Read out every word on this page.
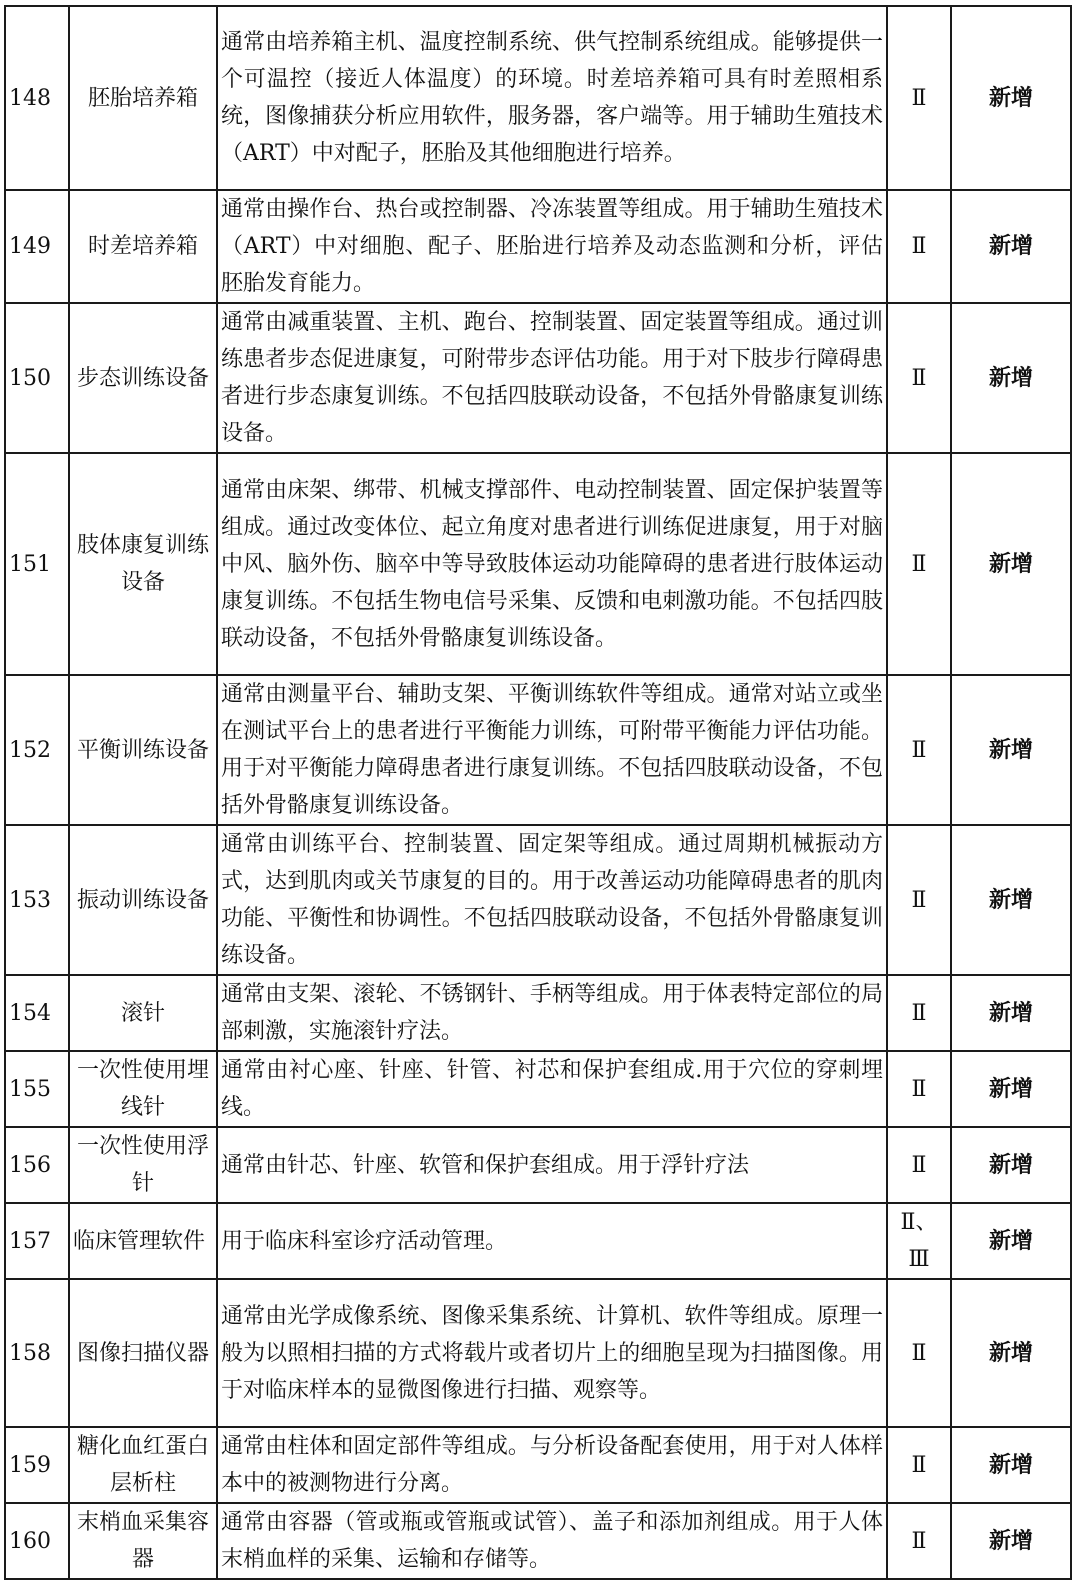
148	胚胎培养箱	通常由培养箱主机、温度控制系统、供气控制系统组成。能够提供一个可温控（接近人体温度）的环境。时差培养箱可具有时差照相系统，图像捕获分析应用软件，服务器，客户端等。用于辅助生殖技术（ART）中对配子，胚胎及其他细胞进行培养。	Ⅱ	新增
149	时差培养箱	通常由操作台、热台或控制器、冷冻装置等组成。用于辅助生殖技术（ART）中对细胞、配子、胚胎进行培养及动态监测和分析，评估胚胎发育能力。	Ⅱ	新增
150	步态训练设备	通常由减重装置、主机、跑台、控制装置、固定装置等组成。通过训练患者步态促进康复，可附带步态评估功能。用于对下肢步行障碍患者进行步态康复训练。不包括四肢联动设备，不包括外骨骼康复训练设备。	Ⅱ	新增
151	肢体康复训练设备	通常由床架、绑带、机械支撑部件、电动控制装置、固定保护装置等组成。通过改变体位、起立角度对患者进行训练促进康复，用于对脑中风、脑外伤、脑卒中等导致肢体运动功能障碍的患者进行肢体运动康复训练。不包括生物电信号采集、反馈和电刺激功能。不包括四肢联动设备，不包括外骨骼康复训练设备。	Ⅱ	新增
152	平衡训练设备	通常由测量平台、辅助支架、平衡训练软件等组成。通常对站立或坐在测试平台上的患者进行平衡能力训练，可附带平衡能力评估功能。用于对平衡能力障碍患者进行康复训练。不包括四肢联动设备，不包括外骨骼康复训练设备。	Ⅱ	新增
153	振动训练设备	通常由训练平台、控制装置、固定架等组成。通过周期机械振动方式，达到肌肉或关节康复的目的。用于改善运动功能障碍患者的肌肉功能、平衡性和协调性。不包括四肢联动设备，不包括外骨骼康复训练设备。	Ⅱ	新增
154	滚针	通常由支架、滚轮、不锈钢针、手柄等组成。用于体表特定部位的局部刺激，实施滚针疗法。	Ⅱ	新增
155	一次性使用埋线针	通常由衬心座、针座、针管、衬芯和保护套组成.用于穴位的穿刺埋线。	Ⅱ	新增
156	一次性使用浮针	通常由针芯、针座、软管和保护套组成。用于浮针疗法	Ⅱ	新增
157	临床管理软件	用于临床科室诊疗活动管理。	Ⅱ、Ⅲ	新增
158	图像扫描仪器	通常由光学成像系统、图像采集系统、计算机、软件等组成。原理一般为以照相扫描的方式将载片或者切片上的细胞呈现为扫描图像。用于对临床样本的显微图像进行扫描、观察等。	Ⅱ	新增
159	糖化血红蛋白层析柱	通常由柱体和固定部件等组成。与分析设备配套使用，用于对人体样本中的被测物进行分离。	Ⅱ	新增
160	末梢血采集容器	通常由容器（管或瓶或管瓶或试管）、盖子和添加剂组成。用于人体末梢血样的采集、运输和存储等。	Ⅱ	新增
